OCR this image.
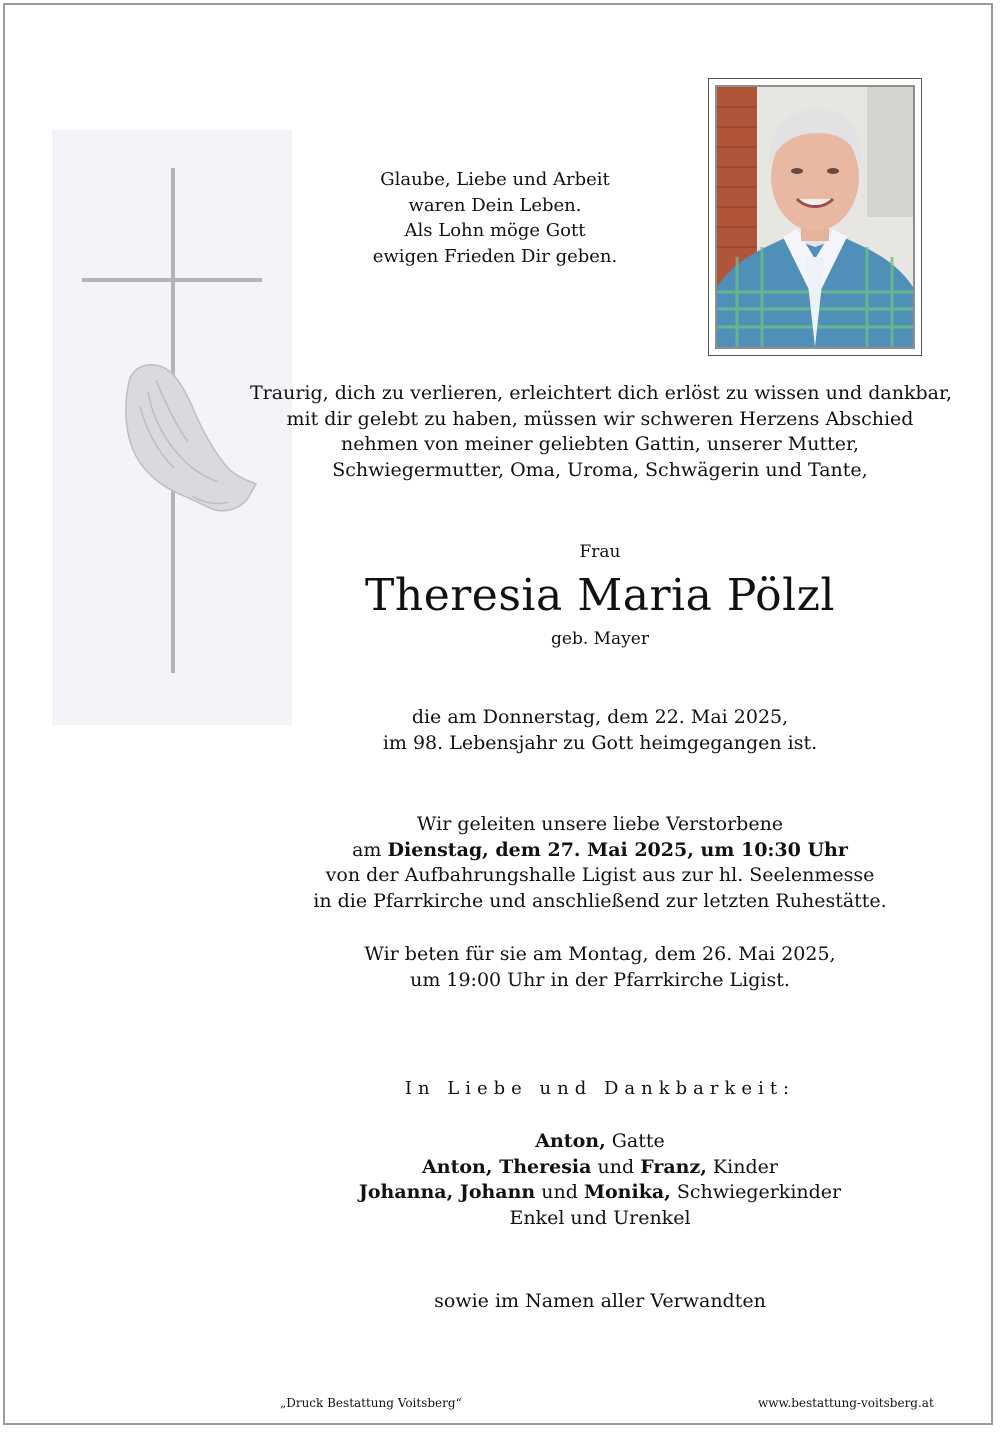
Glaube, Liebe und Arbeit
waren Dein Leben.
Als Lohn möge Gott
ewigen Frieden Dir geben.
Traurig, dich zu verlieren, erleichtert dich erlöst zu wissen und dankbar,
mit dir gelebt zu haben, müssen wir schweren Herzens Abschied
nehmen von meiner geliebten Gattin, unserer Mutter,
Schwiegermutter, Oma, Uroma, Schwägerin und Tante,
Frau
Theresia Maria Pölzl
geb. Mayer
die am Donnerstag, dem 22. Mai 2025,
im 98. Lebensjahr zu Gott heimgegangen ist.
Wir geleiten unsere liebe Verstorbene
am Dienstag, dem 27. Mai 2025, um 10:30 Uhr
von der Aufbahrungshalle Ligist aus zur hl. Seelenmesse
in die Pfarrkirche und anschließend zur letzten Ruhestätte.
Wir beten für sie am Montag, dem 26. Mai 2025,
um 19:00 Uhr in der Pfarrkirche Ligist.
In Liebe und Dankbarkeit:
Anton, Gatte
Anton, Theresia und Franz, Kinder
Johanna, Johann und Monika, Schwiegerkinder
Enkel und Urenkel
sowie im Namen aller Verwandten
„Druck Bestattung Voitsberg“	www.bestattung-voitsberg.at
